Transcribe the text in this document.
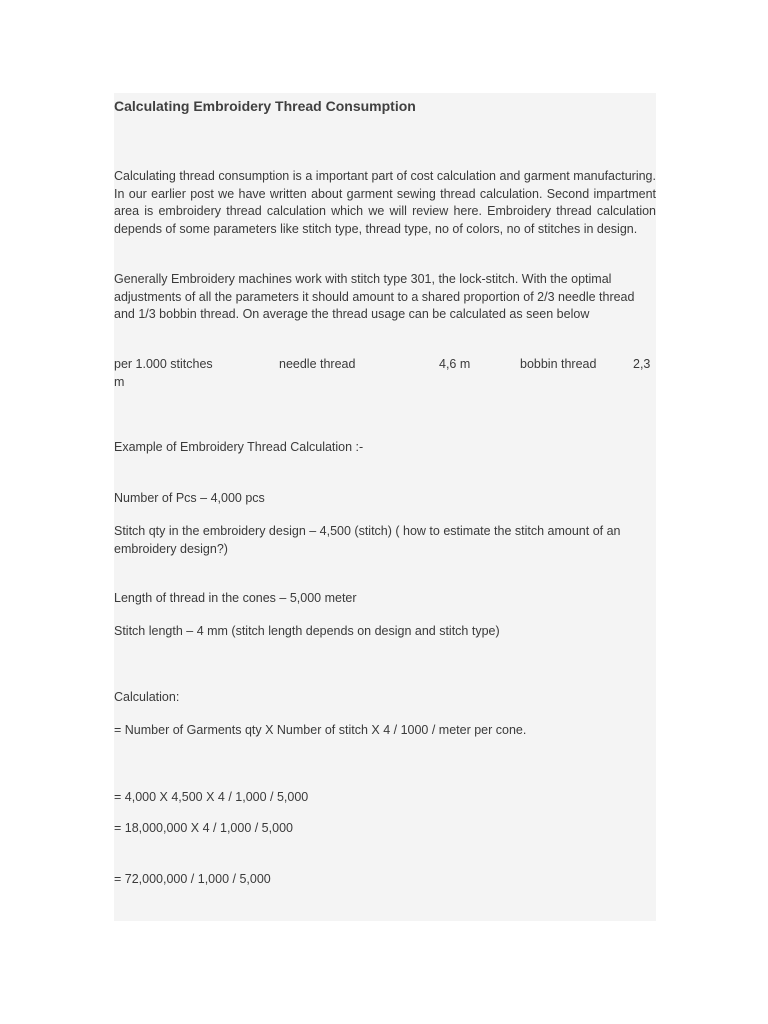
Calculating Embroidery Thread Consumption

Calculating thread consumption is a important part of cost calculation and garment manufacturing. In our earlier post we have written about garment sewing thread calculation. Second impartment area is embroidery thread calculation which we will review here. Embroidery thread calculation depends of some parameters like stitch type, thread type, no of colors, no of stitches in design.

Generally Embroidery machines work with stitch type 301, the lock-stitch. With the optimal adjustments of all the parameters it should amount to a shared proportion of 2/3 needle thread and 1/3 bobbin thread. On average the thread usage can be calculated as seen below

per 1.000 stitches	needle thread	4,6 m	bobbin thread	2,3
m
Example of Embroidery Thread Calculation :-
Number of Pcs – 4,000 pcs

Stitch qty in the embroidery design – 4,500 (stitch) ( how to estimate the stitch amount of an embroidery design?)

Length of thread in the cones – 5,000 meter
Stitch length – 4 mm (stitch length depends on design and stitch type)
Calculation:
= Number of Garments qty X Number of stitch X 4 / 1000 / meter per cone.
= 4,000 X 4,500 X 4 / 1,000 / 5,000
= 18,000,000 X 4 / 1,000 / 5,000
= 72,000,000 / 1,000 / 5,000
